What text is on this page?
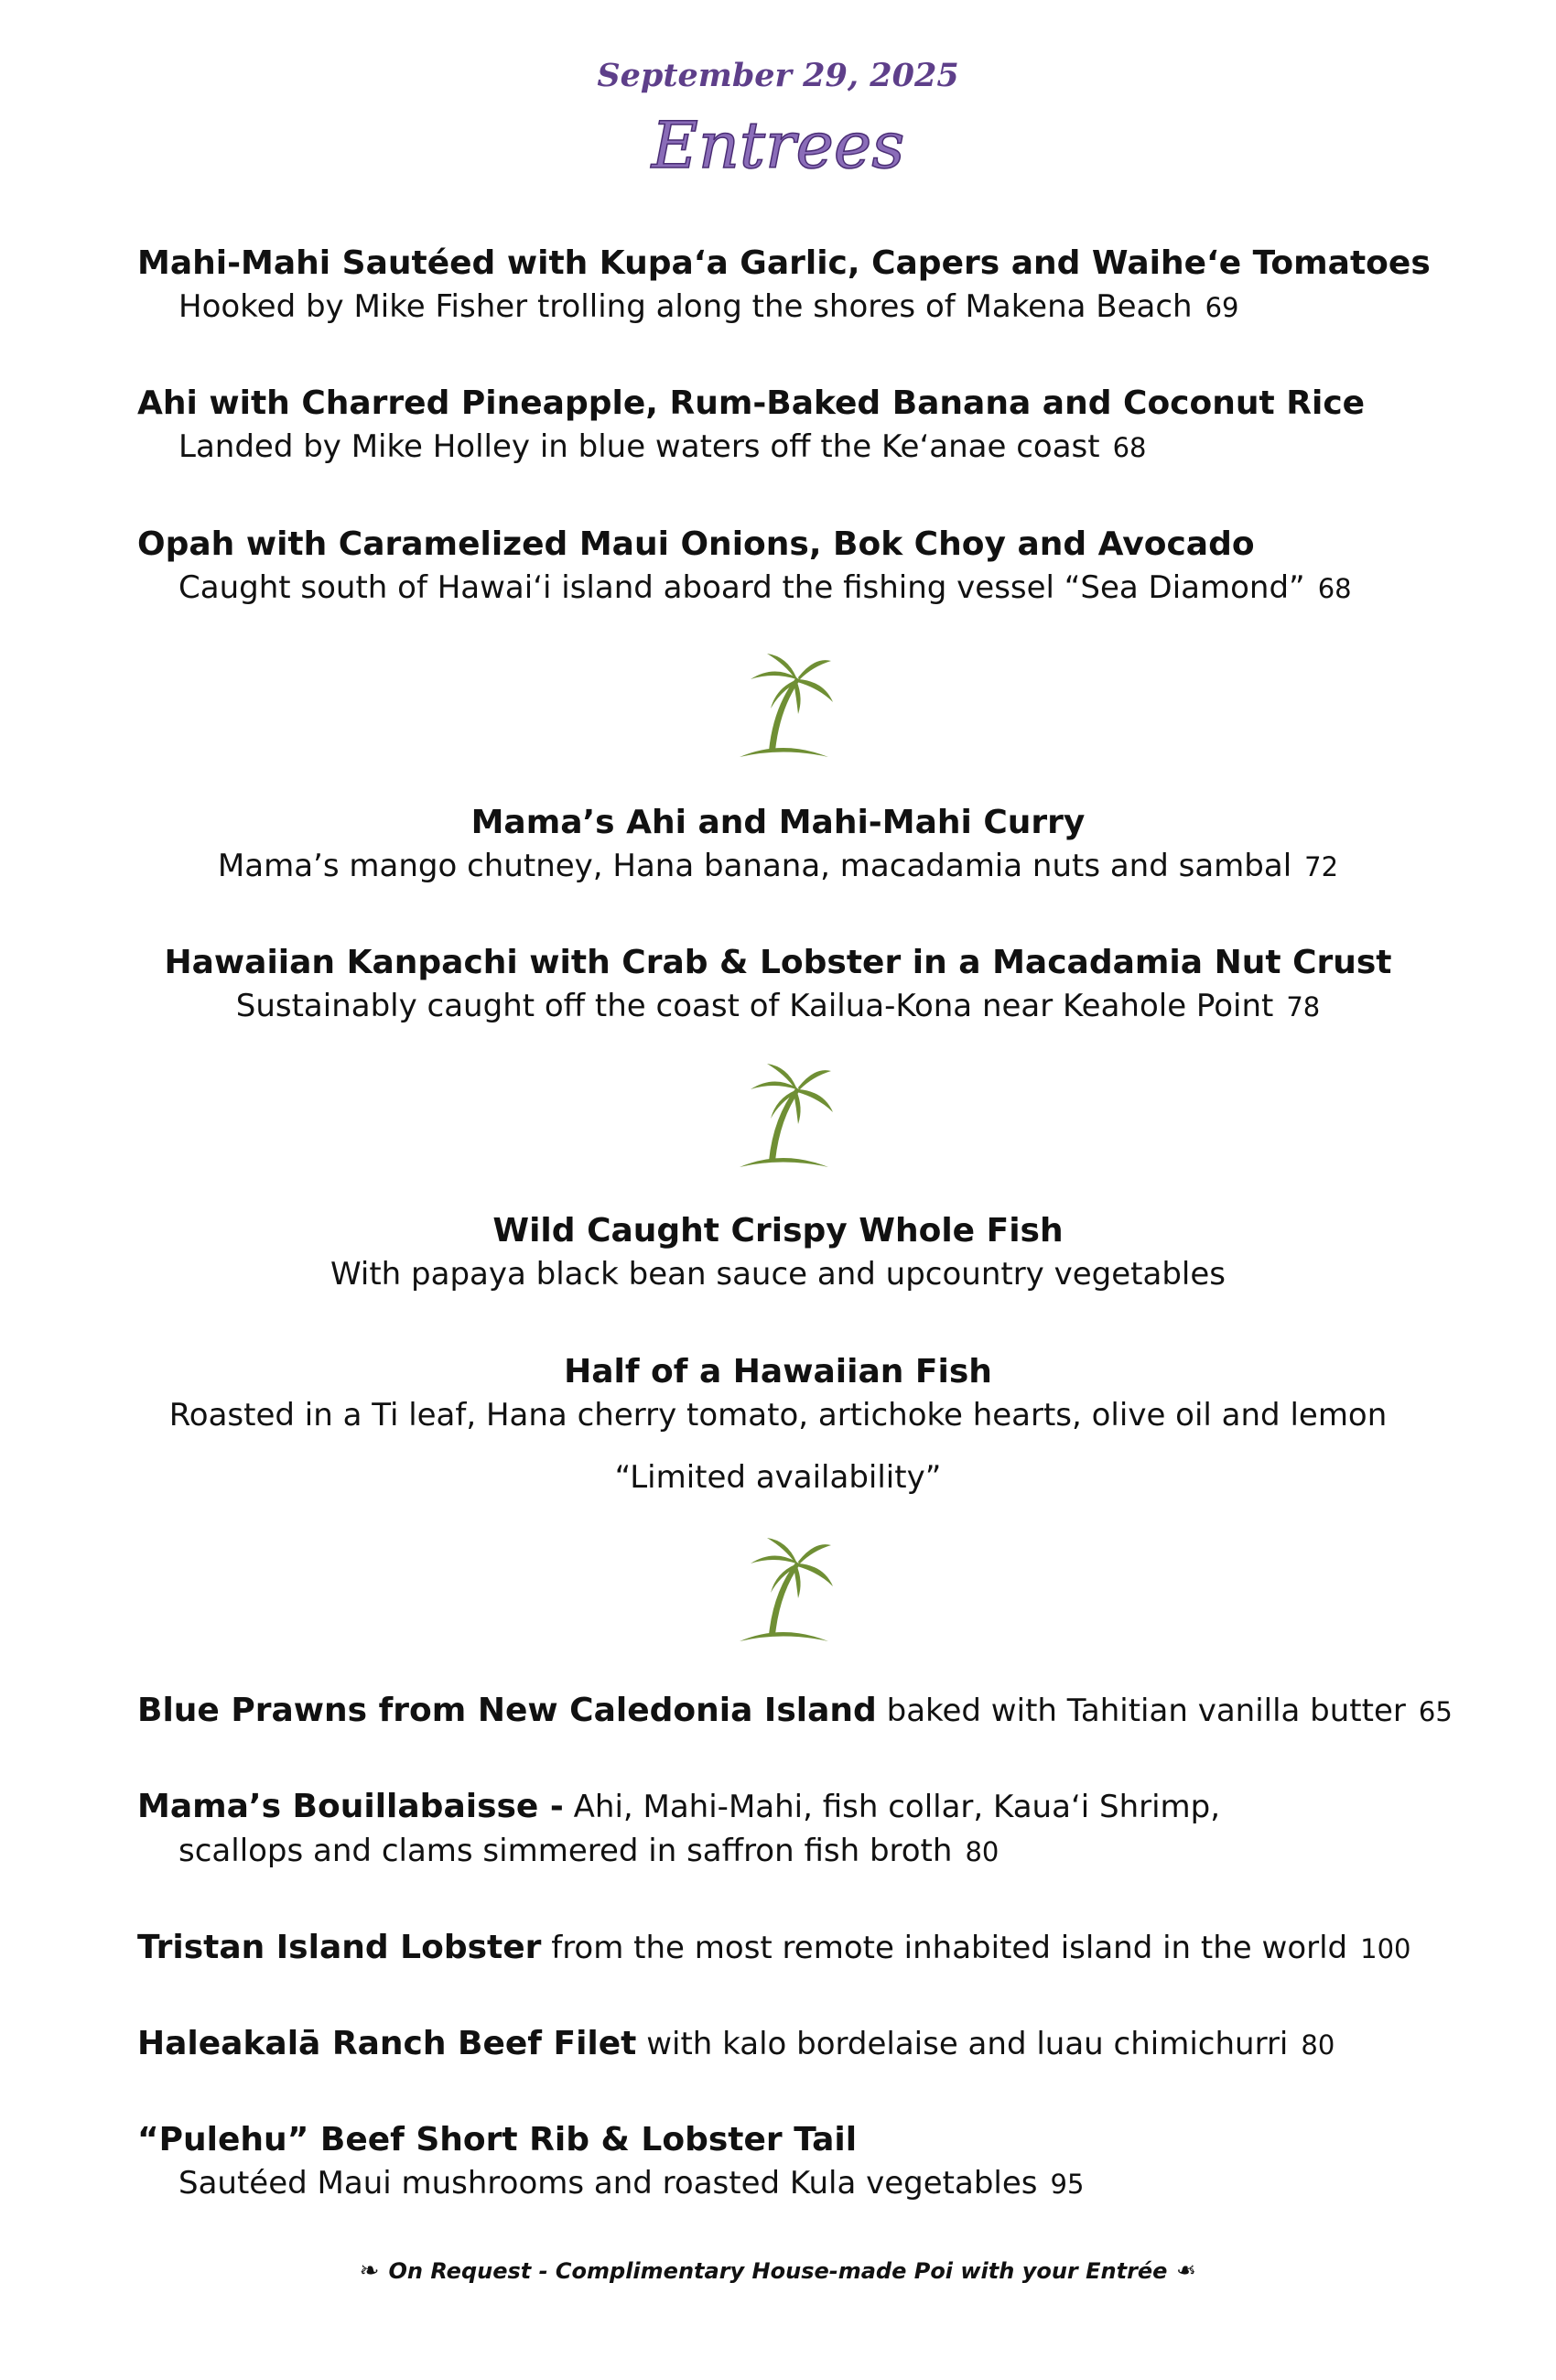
September 29, 2025
Entrees
Mahi-Mahi Sautéed with Kupa‘a Garlic, Capers and Waihe‘e Tomatoes
Hooked by Mike Fisher trolling along the shores of Makena Beach 69
Ahi with Charred Pineapple, Rum-Baked Banana and Coconut Rice
Landed by Mike Holley in blue waters off the Ke‘anae coast 68
Opah with Caramelized Maui Onions, Bok Choy and Avocado
Caught south of Hawai‘i island aboard the fishing vessel “Sea Diamond” 68
Mama’s Ahi and Mahi-Mahi Curry
Mama’s mango chutney, Hana banana, macadamia nuts and sambal 72
Hawaiian Kanpachi with Crab & Lobster in a Macadamia Nut Crust
Sustainably caught off the coast of Kailua-Kona near Keahole Point 78
Wild Caught Crispy Whole Fish
With papaya black bean sauce and upcountry vegetables
Half of a Hawaiian Fish
Roasted in a Ti leaf, Hana cherry tomato, artichoke hearts, olive oil and lemon
“Limited availability”
Blue Prawns from New Caledonia Island baked with Tahitian vanilla butter 65
Mama’s Bouillabaisse - Ahi, Mahi-Mahi, fish collar, Kaua‘i Shrimp,
scallops and clams simmered in saffron fish broth 80
Tristan Island Lobster from the most remote inhabited island in the world 100
Haleakalā Ranch Beef Filet with kalo bordelaise and luau chimichurri 80
“Pulehu” Beef Short Rib & Lobster Tail
Sautéed Maui mushrooms and roasted Kula vegetables 95
❧ On Request - Complimentary House-made Poi with your Entrée ❧
